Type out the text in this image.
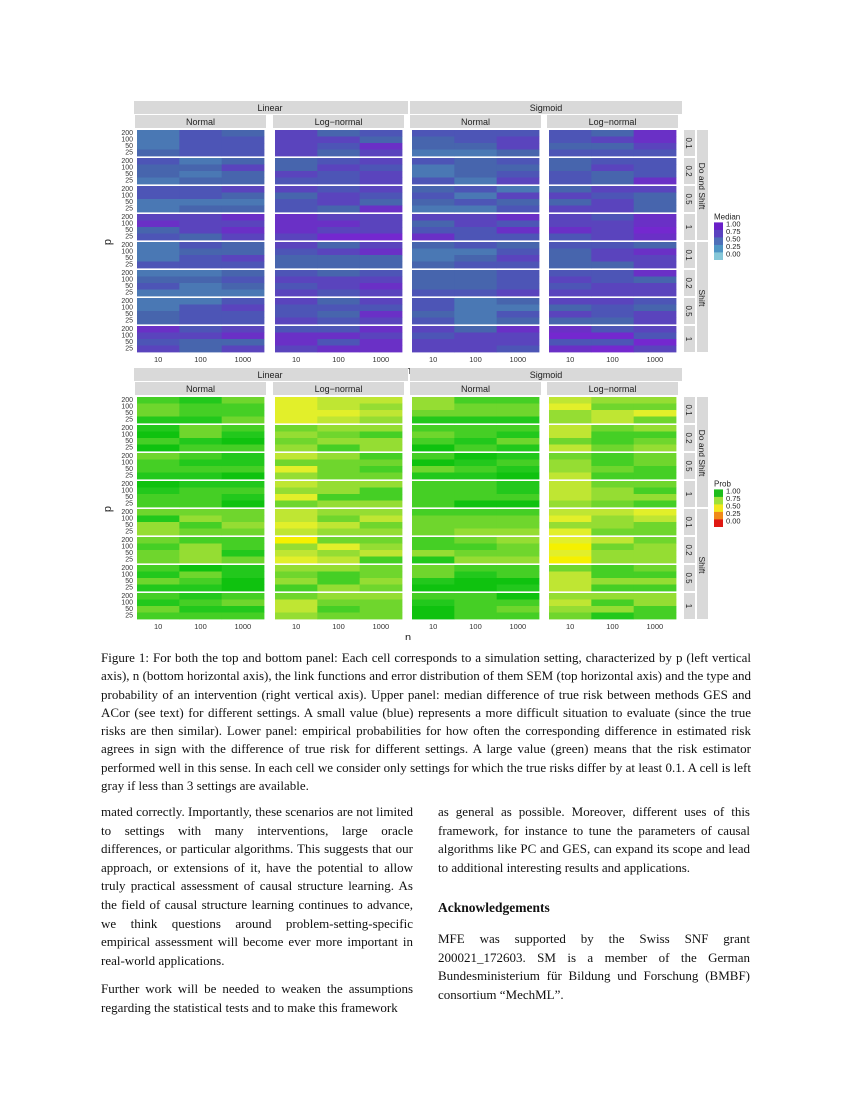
Linear	Sigmoid
Normal	Log−normal	Normal	Log−normal
0.1
200
100
50
25
0.2
200
100
50
25
0.5
200
100
50
25
1
200
100
50
25
0.1
200
100
50
25
0.2
200
100
50
25
0.5
200
100
50
25
1
200
100
50
25
Do and Shift
Shift
p
10	100	1000	10	100	1000	10	100	1000	10	100	1000
Median
1.00
0.75
0.50
0.25
0.00
Linear	Sigmoid
Normal	Log−normal	Normal	Log−normal
0.1
200
100
50
25
0.2
200
100
50
25
0.5
200
100
50
25
1
200
100
50
25
0.1
200
100
50
25
0.2
200
100
50
25
0.5
200
100
50
25
1
200
100
50
25
Do and Shift
Shift
p
10	100	1000	10	100	1000	10	100	1000	10	100	1000
n
Prob
1.00
0.75
0.50
0.25
0.00

Figure 1: For both the top and bottom panel: Each cell corresponds to a simulation setting, characterized by p (left vertical axis), n (bottom horizontal axis), the link functions and error distribution of them SEM (top horizontal axis) and the type and probability of an intervention (right vertical axis). Upper panel: median difference of true risk between methods GES and ACor (see text) for different settings. A small value (blue) represents a more difficult situation to evaluate (since the true risks are then similar). Lower panel: empirical probabilities for how often the corresponding difference in estimated risk agrees in sign with the difference of true risk for different settings. A large value (green) means that the risk estimator performed well in this sense. In each cell we consider only settings for which the true risks differ by at least 0.1. A cell is left gray if less than 3 settings are available.

mated correctly. Importantly, these scenarios are not limited to settings with many interventions, large oracle differences, or particular algorithms. This suggests that our approach, or extensions of it, have the potential to allow truly practical assessment of causal structure learning. As the field of causal structure learning continues to advance, we think questions around problem-setting-specific empirical assessment will become ever more important in real-world applications.

Further work will be needed to weaken the assumptions regarding the statistical tests and to make this framework

as general as possible. Moreover, different uses of this framework, for instance to tune the parameters of causal algorithms like PC and GES, can expand its scope and lead to additional interesting results and applications.

Acknowledgements

MFE was supported by the Swiss SNF grant 200021_172603. SM is a member of the German Bundesministerium für Bildung und Forschung (BMBF) consortium “MechML”.
